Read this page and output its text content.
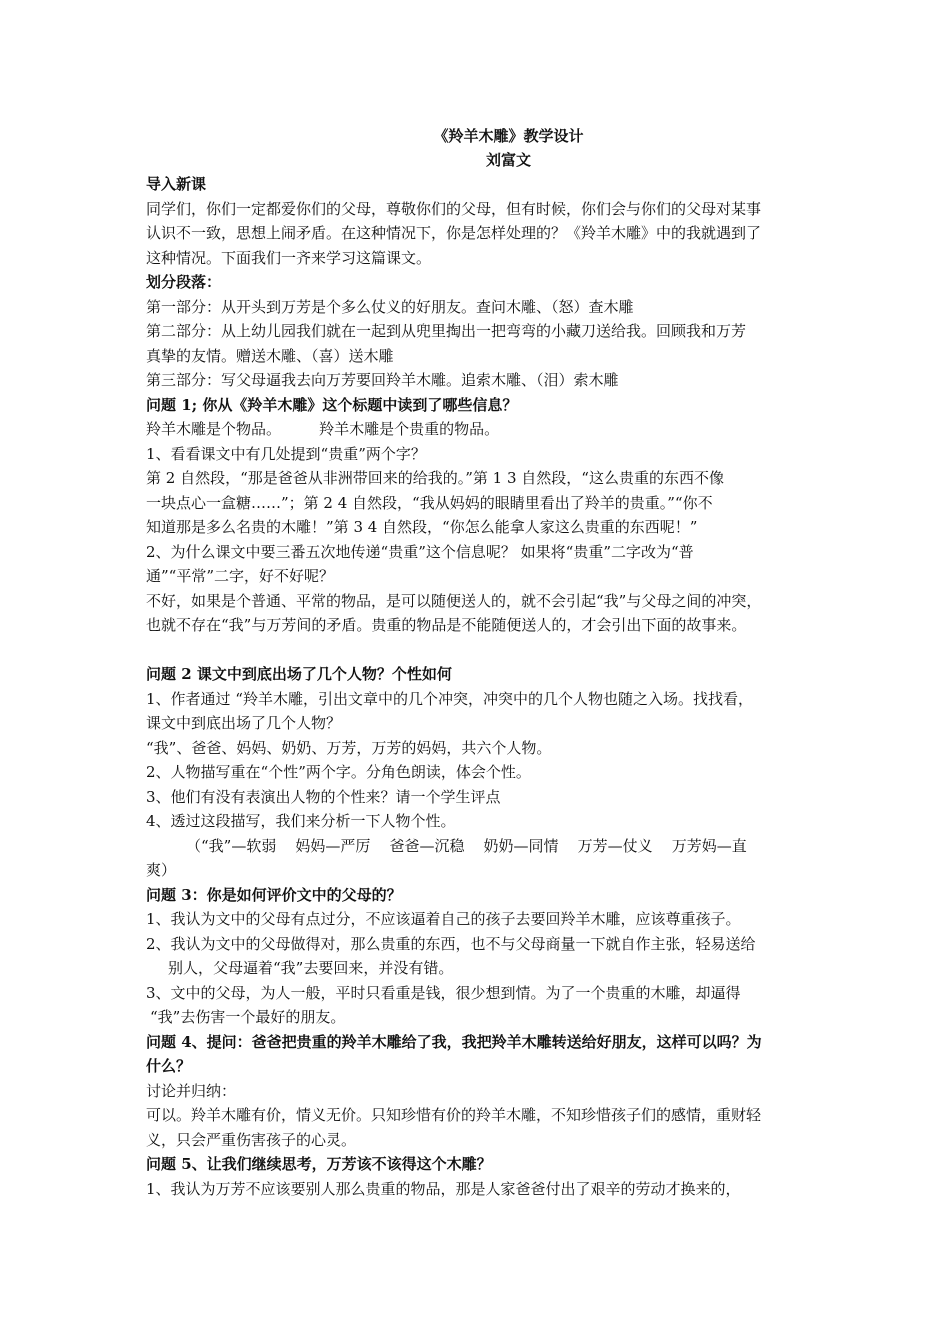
《羚羊木雕》教学设计
刘富文
导入新课
同学们，你们一定都爱你们的父母，尊敬你们的父母，但有时候，你们会与你们的父母对某事
认识不一致，思想上闹矛盾。在这种情况下，你是怎样处理的？《羚羊木雕》中的我就遇到了
这种情况。下面我们一齐来学习这篇课文。
划分段落：
第一部分：从开头到万芳是个多么仗义的好朋友。查问木雕、（怒）查木雕
第二部分：从上幼儿园我们就在一起到从兜里掏出一把弯弯的小藏刀送给我。回顾我和万芳
真挚的友情。赠送木雕、（喜）送木雕
第三部分：写父母逼我去向万芳要回羚羊木雕。追索木雕、（泪）索木雕
问题 1; 你从《羚羊木雕》这个标题中读到了哪些信息？
羚羊木雕是个物品。        羚羊木雕是个贵重的物品。
1、看看课文中有几处提到“贵重”两个字？
第 2 自然段，“那是爸爸从非洲带回来的给我的。”第 1 3 自然段，“这么贵重的东西不像
一块点心一盒糖……”；第 2 4 自然段，“我从妈妈的眼睛里看出了羚羊的贵重。”“你不
知道那是多么名贵的木雕！”第 3 4 自然段，“你怎么能拿人家这么贵重的东西呢！”
2、为什么课文中要三番五次地传递“贵重”这个信息呢？ 如果将“贵重”二字改为“普
通”“平常”二字，好不好呢？
不好，如果是个普通、平常的物品，是可以随便送人的，就不会引起“我”与父母之间的冲突，
也就不存在“我”与万芳间的矛盾。贵重的物品是不能随便送人的，才会引出下面的故事来。
问题 2 课文中到底出场了几个人物？个性如何
1、作者通过 “羚羊木雕，引出文章中的几个冲突，冲突中的几个人物也随之入场。找找看，
课文中到底出场了几个人物？
“我”、爸爸、妈妈、奶奶、万芳，万芳的妈妈，共六个人物。
2、人物描写重在“个性”两个字。分角色朗读，体会个性。
3、他们有没有表演出人物的个性来？请一个学生评点
4、透过这段描写，我们来分析一下人物个性。
（“我”—软弱    妈妈—严厉    爸爸—沉稳    奶奶—同情    万芳—仗义    万芳妈—直
爽）
问题 3：你是如何评价文中的父母的？
1、我认为文中的父母有点过分，不应该逼着自己的孩子去要回羚羊木雕，应该尊重孩子。
2、我认为文中的父母做得对，那么贵重的东西，也不与父母商量一下就自作主张，轻易送给
别人，父母逼着“我”去要回来，并没有错。
3、文中的父母，为人一般，平时只看重是钱，很少想到情。为了一个贵重的木雕，却逼得
“我”去伤害一个最好的朋友。
问题 4、提问：爸爸把贵重的羚羊木雕给了我，我把羚羊木雕转送给好朋友，这样可以吗？为
什么？
讨论并归纳：
可以。羚羊木雕有价，情义无价。只知珍惜有价的羚羊木雕，不知珍惜孩子们的感情，重财轻
义，只会严重伤害孩子的心灵。
问题 5、让我们继续思考，万芳该不该得这个木雕？
1、我认为万芳不应该要别人那么贵重的物品，那是人家爸爸付出了艰辛的劳动才换来的，
